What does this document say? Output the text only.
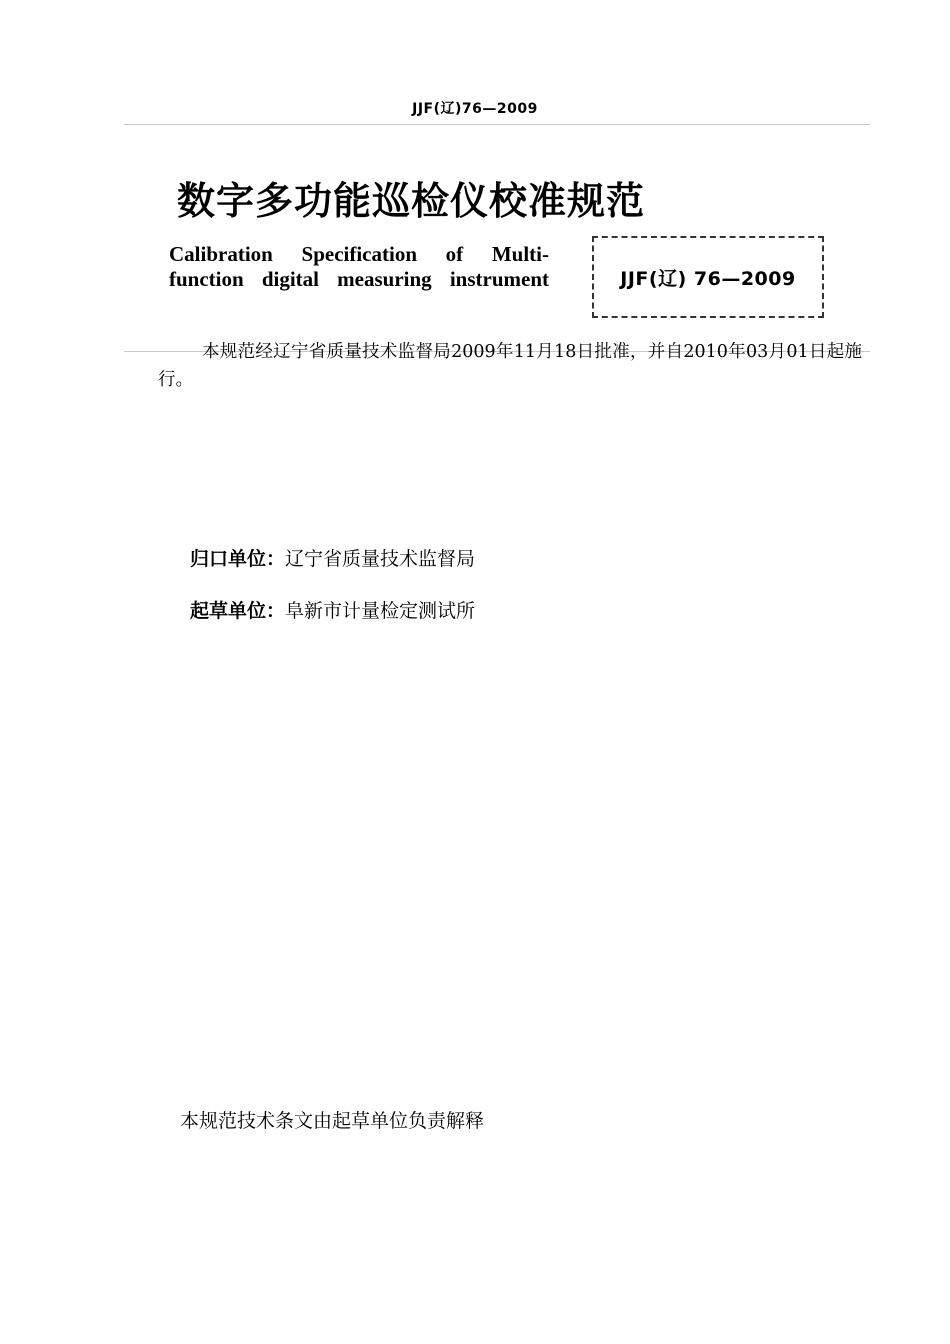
JJF(辽)76—2009
数字多功能巡检仪校准规范
Calibration Specification of Multi-
function digital measuring instrument	JJF(辽) 76—2009
本规范经辽宁省质量技术监督局2009年11月18日批准，并自2010年03月01日起施行。
归口单位：辽宁省质量技术监督局
起草单位：阜新市计量检定测试所
本规范技术条文由起草单位负责解释
